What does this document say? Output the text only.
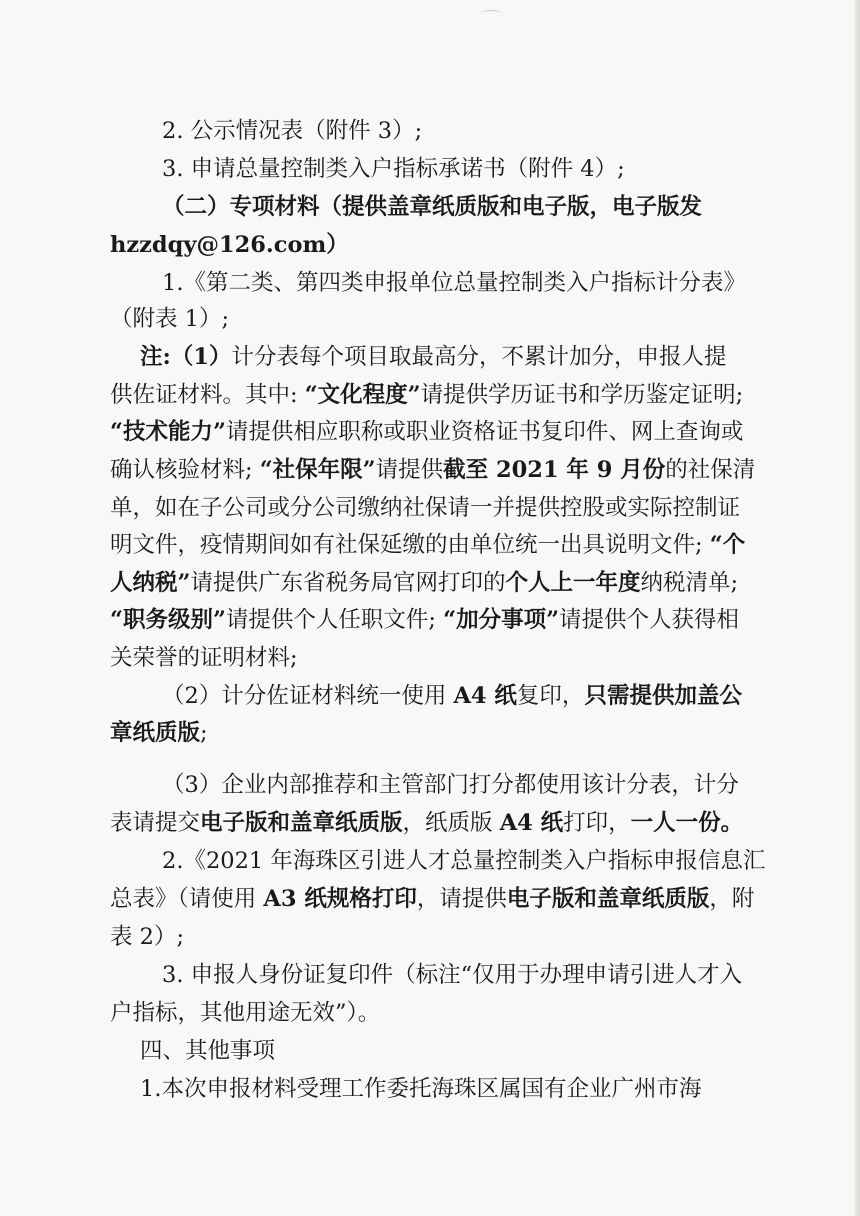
2. 公示情况表（附件 3）;
3. 申请总量控制类入户指标承诺书（附件 4）;
（二）专项材料（提供盖章纸质版和电子版，电子版发
hzzdqy@126.com）
1.《第二类、第四类申报单位总量控制类入户指标计分表》
（附表 1）;
注:（1）计分表每个项目取最高分，不累计加分，申报人提
供佐证材料。其中: “文化程度”请提供学历证书和学历鉴定证明;
“技术能力”请提供相应职称或职业资格证书复印件、网上查询或
确认核验材料; “社保年限”请提供截至 2021 年 9 月份的社保清
单，如在子公司或分公司缴纳社保请一并提供控股或实际控制证
明文件，疫情期间如有社保延缴的由单位统一出具说明文件; “个
人纳税”请提供广东省税务局官网打印的个人上一年度纳税清单;
“职务级别”请提供个人任职文件; “加分事项”请提供个人获得相
关荣誉的证明材料;
（2）计分佐证材料统一使用 A4 纸复印，只需提供加盖公
章纸质版;
（3）企业内部推荐和主管部门打分都使用该计分表，计分
表请提交电子版和盖章纸质版，纸质版 A4 纸打印，一人一份。
2.《2021 年海珠区引进人才总量控制类入户指标申报信息汇
总表》（请使用 A3 纸规格打印，请提供电子版和盖章纸质版，附
表 2）;
3. 申报人身份证复印件（标注“仅用于办理申请引进人才入
户指标，其他用途无效”）。
四、其他事项
1.本次申报材料受理工作委托海珠区属国有企业广州市海
